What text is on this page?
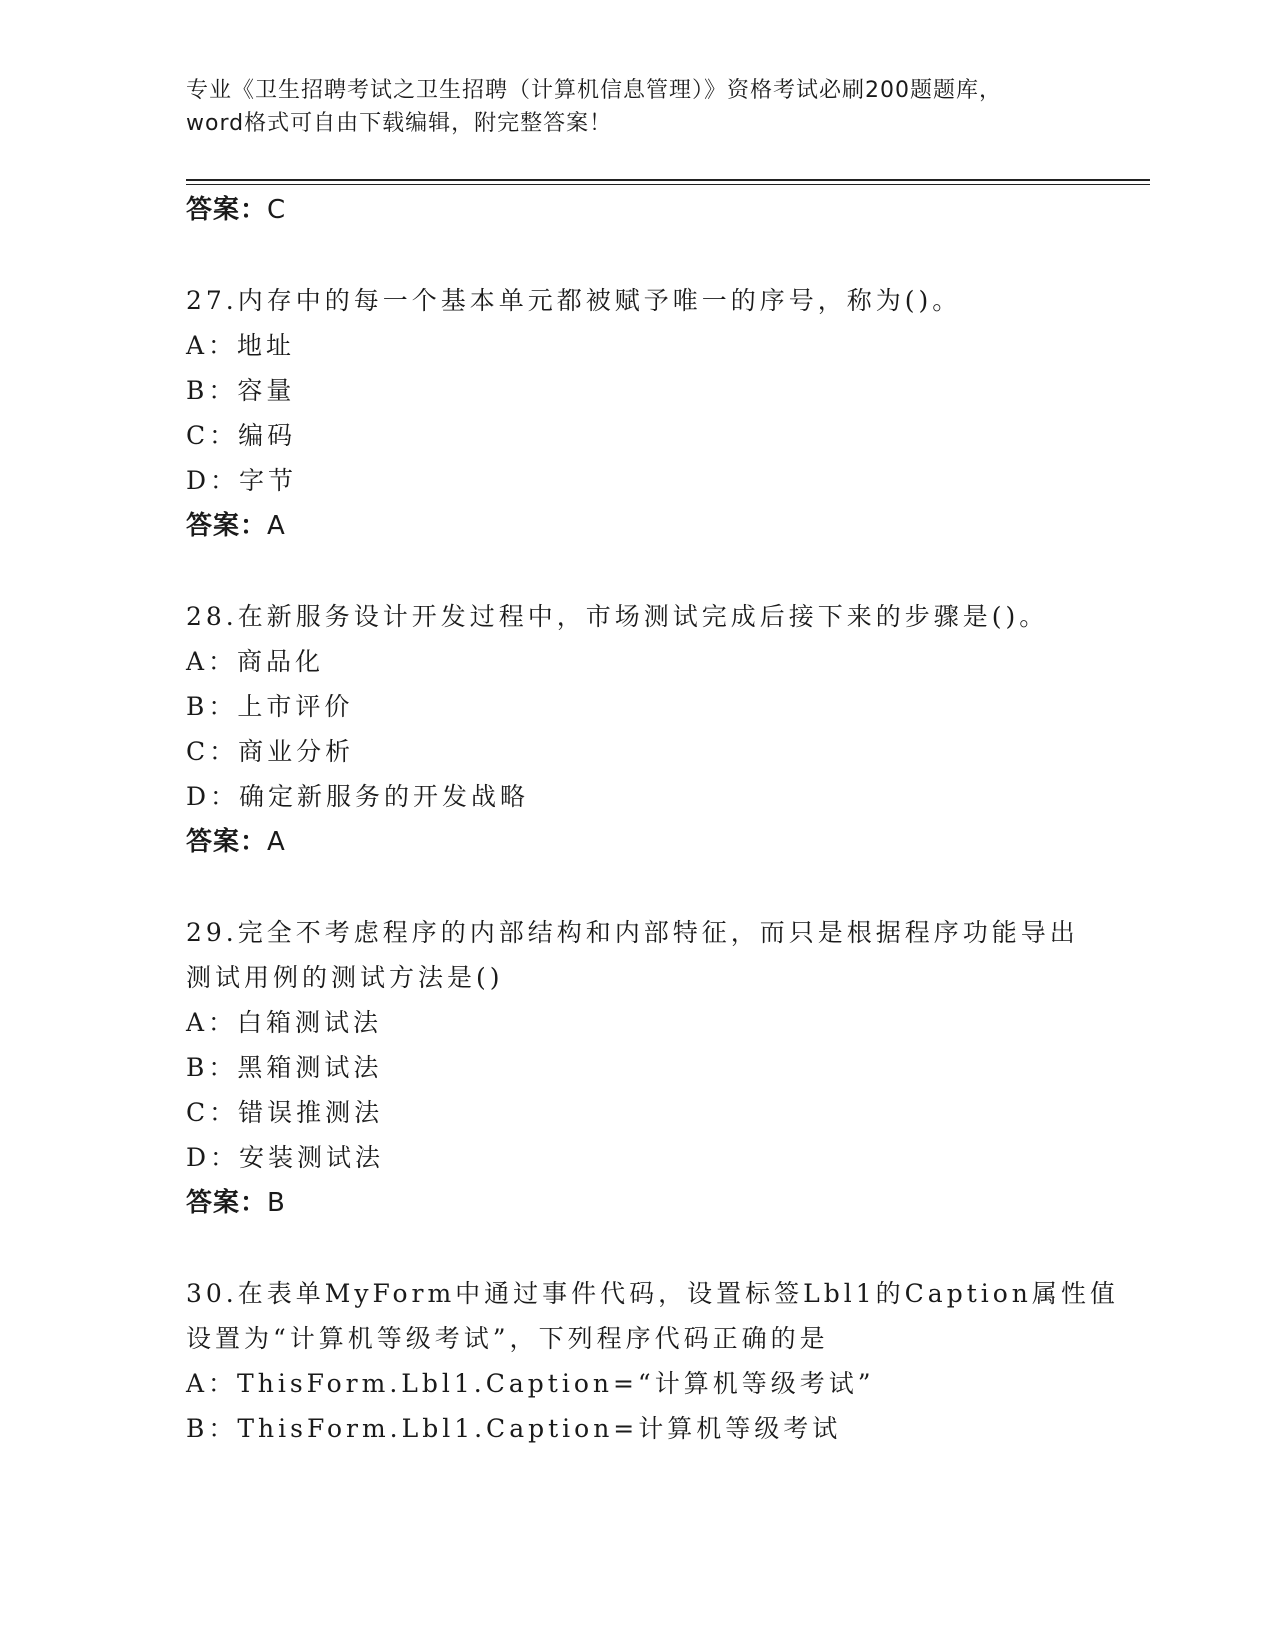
专业《卫生招聘考试之卫生招聘（计算机信息管理）》资格考试必刷200题题库，
word格式可自由下载编辑，附完整答案！
答案：C
27.内存中的每一个基本单元都被赋予唯一的序号，称为()。
A：地址
B：容量
C：编码
D：字节
答案：A
28.在新服务设计开发过程中，市场测试完成后接下来的步骤是()。
A：商品化
B：上市评价
C：商业分析
D：确定新服务的开发战略
答案：A
29.完全不考虑程序的内部结构和内部特征，而只是根据程序功能导出
测试用例的测试方法是()
A：白箱测试法
B：黑箱测试法
C：错误推测法
D：安装测试法
答案：B
30.在表单MyForm中通过事件代码，设置标签Lbl1的Caption属性值
设置为“计算机等级考试”，下列程序代码正确的是
A：ThisForm.Lbl1.Caption=“计算机等级考试”
B：ThisForm.Lbl1.Caption=计算机等级考试
